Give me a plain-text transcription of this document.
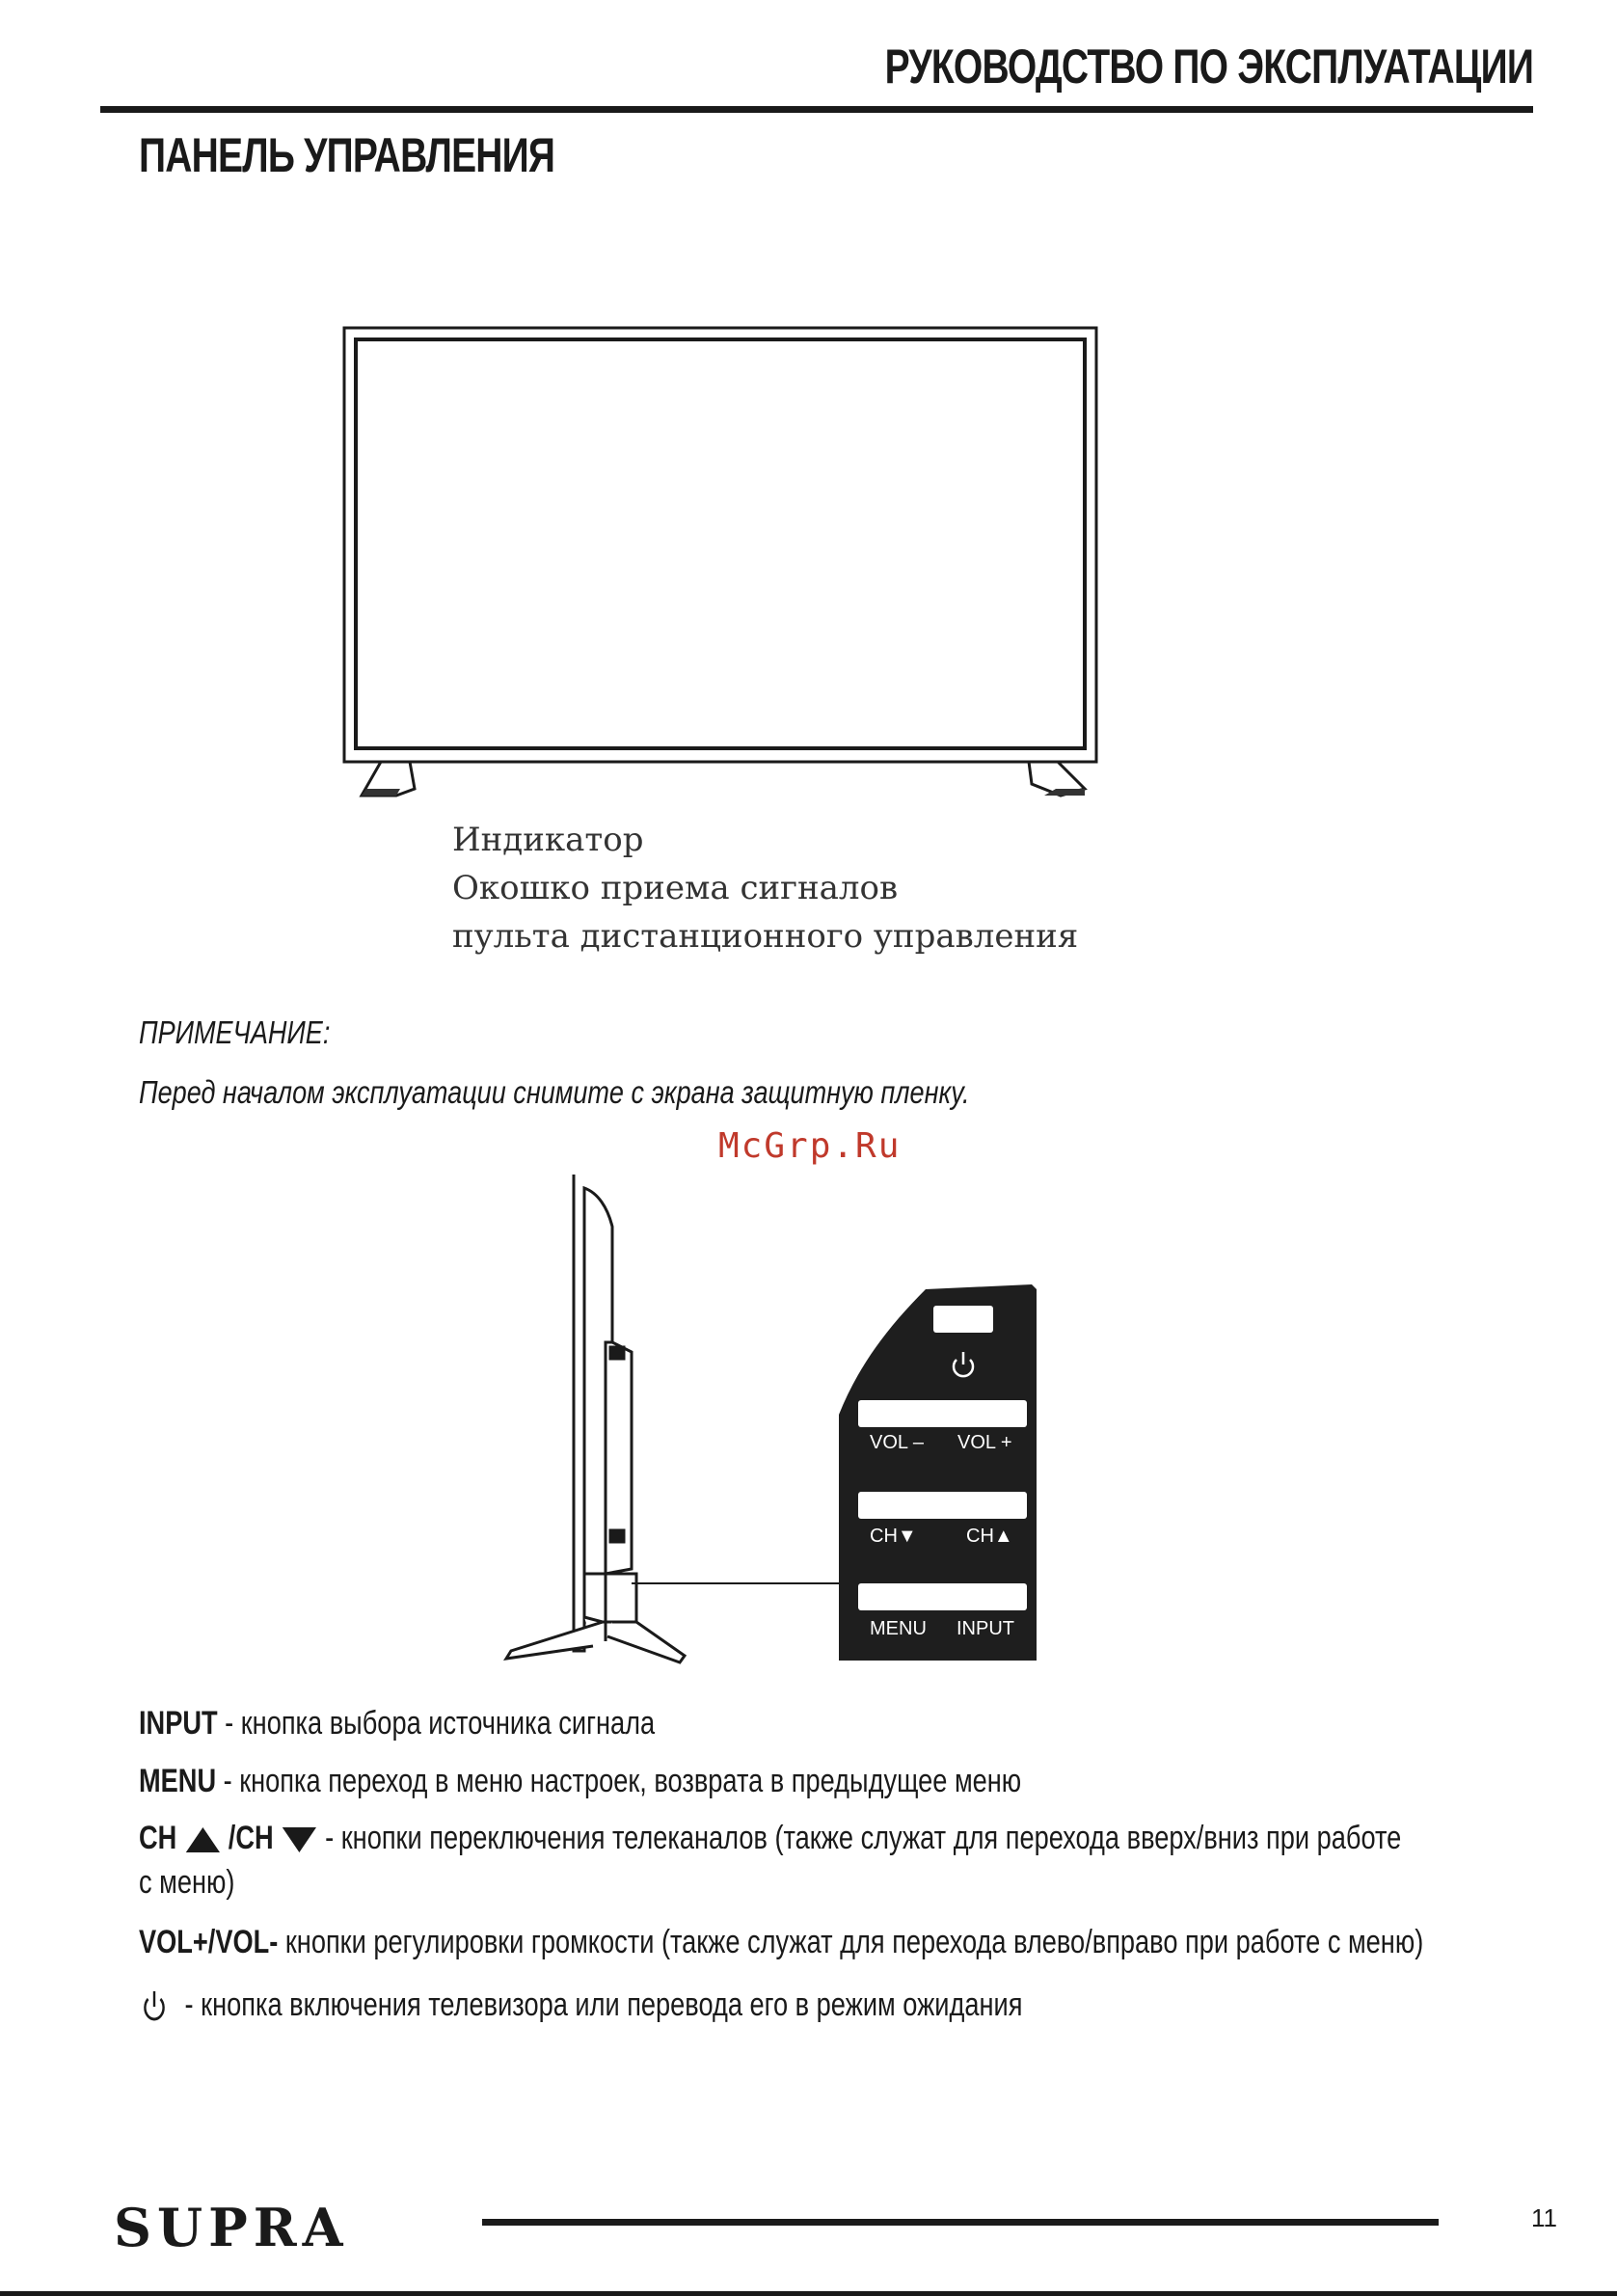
РУКОВОДСТВО ПО ЭКСПЛУАТАЦИИ
ПАНЕЛЬ УПРАВЛЕНИЯ
Индикатор
Окошко приема сигналов
пульта дистанционного управления
ПРИМЕЧАНИЕ:
Перед началом эксплуатации снимите с экрана защитную пленку.
McGrp.Ru
VOL – VOL +
CH▼	CH▲
MENU INPUT
INPUT - кнопка выбора источника сигнала
MENU - кнопка переход в меню настроек, возврата в предыдущее меню
CH  /CH  - кнопки переключения телеканалов (также служат для перехода вверх/вниз при работе
с меню)
VOL+/VOL- кнопки регулировки громкости (также служат для перехода влево/вправо при работе с меню)
- кнопка включения телевизора или перевода его в режим ожидания
SUPRA	11
